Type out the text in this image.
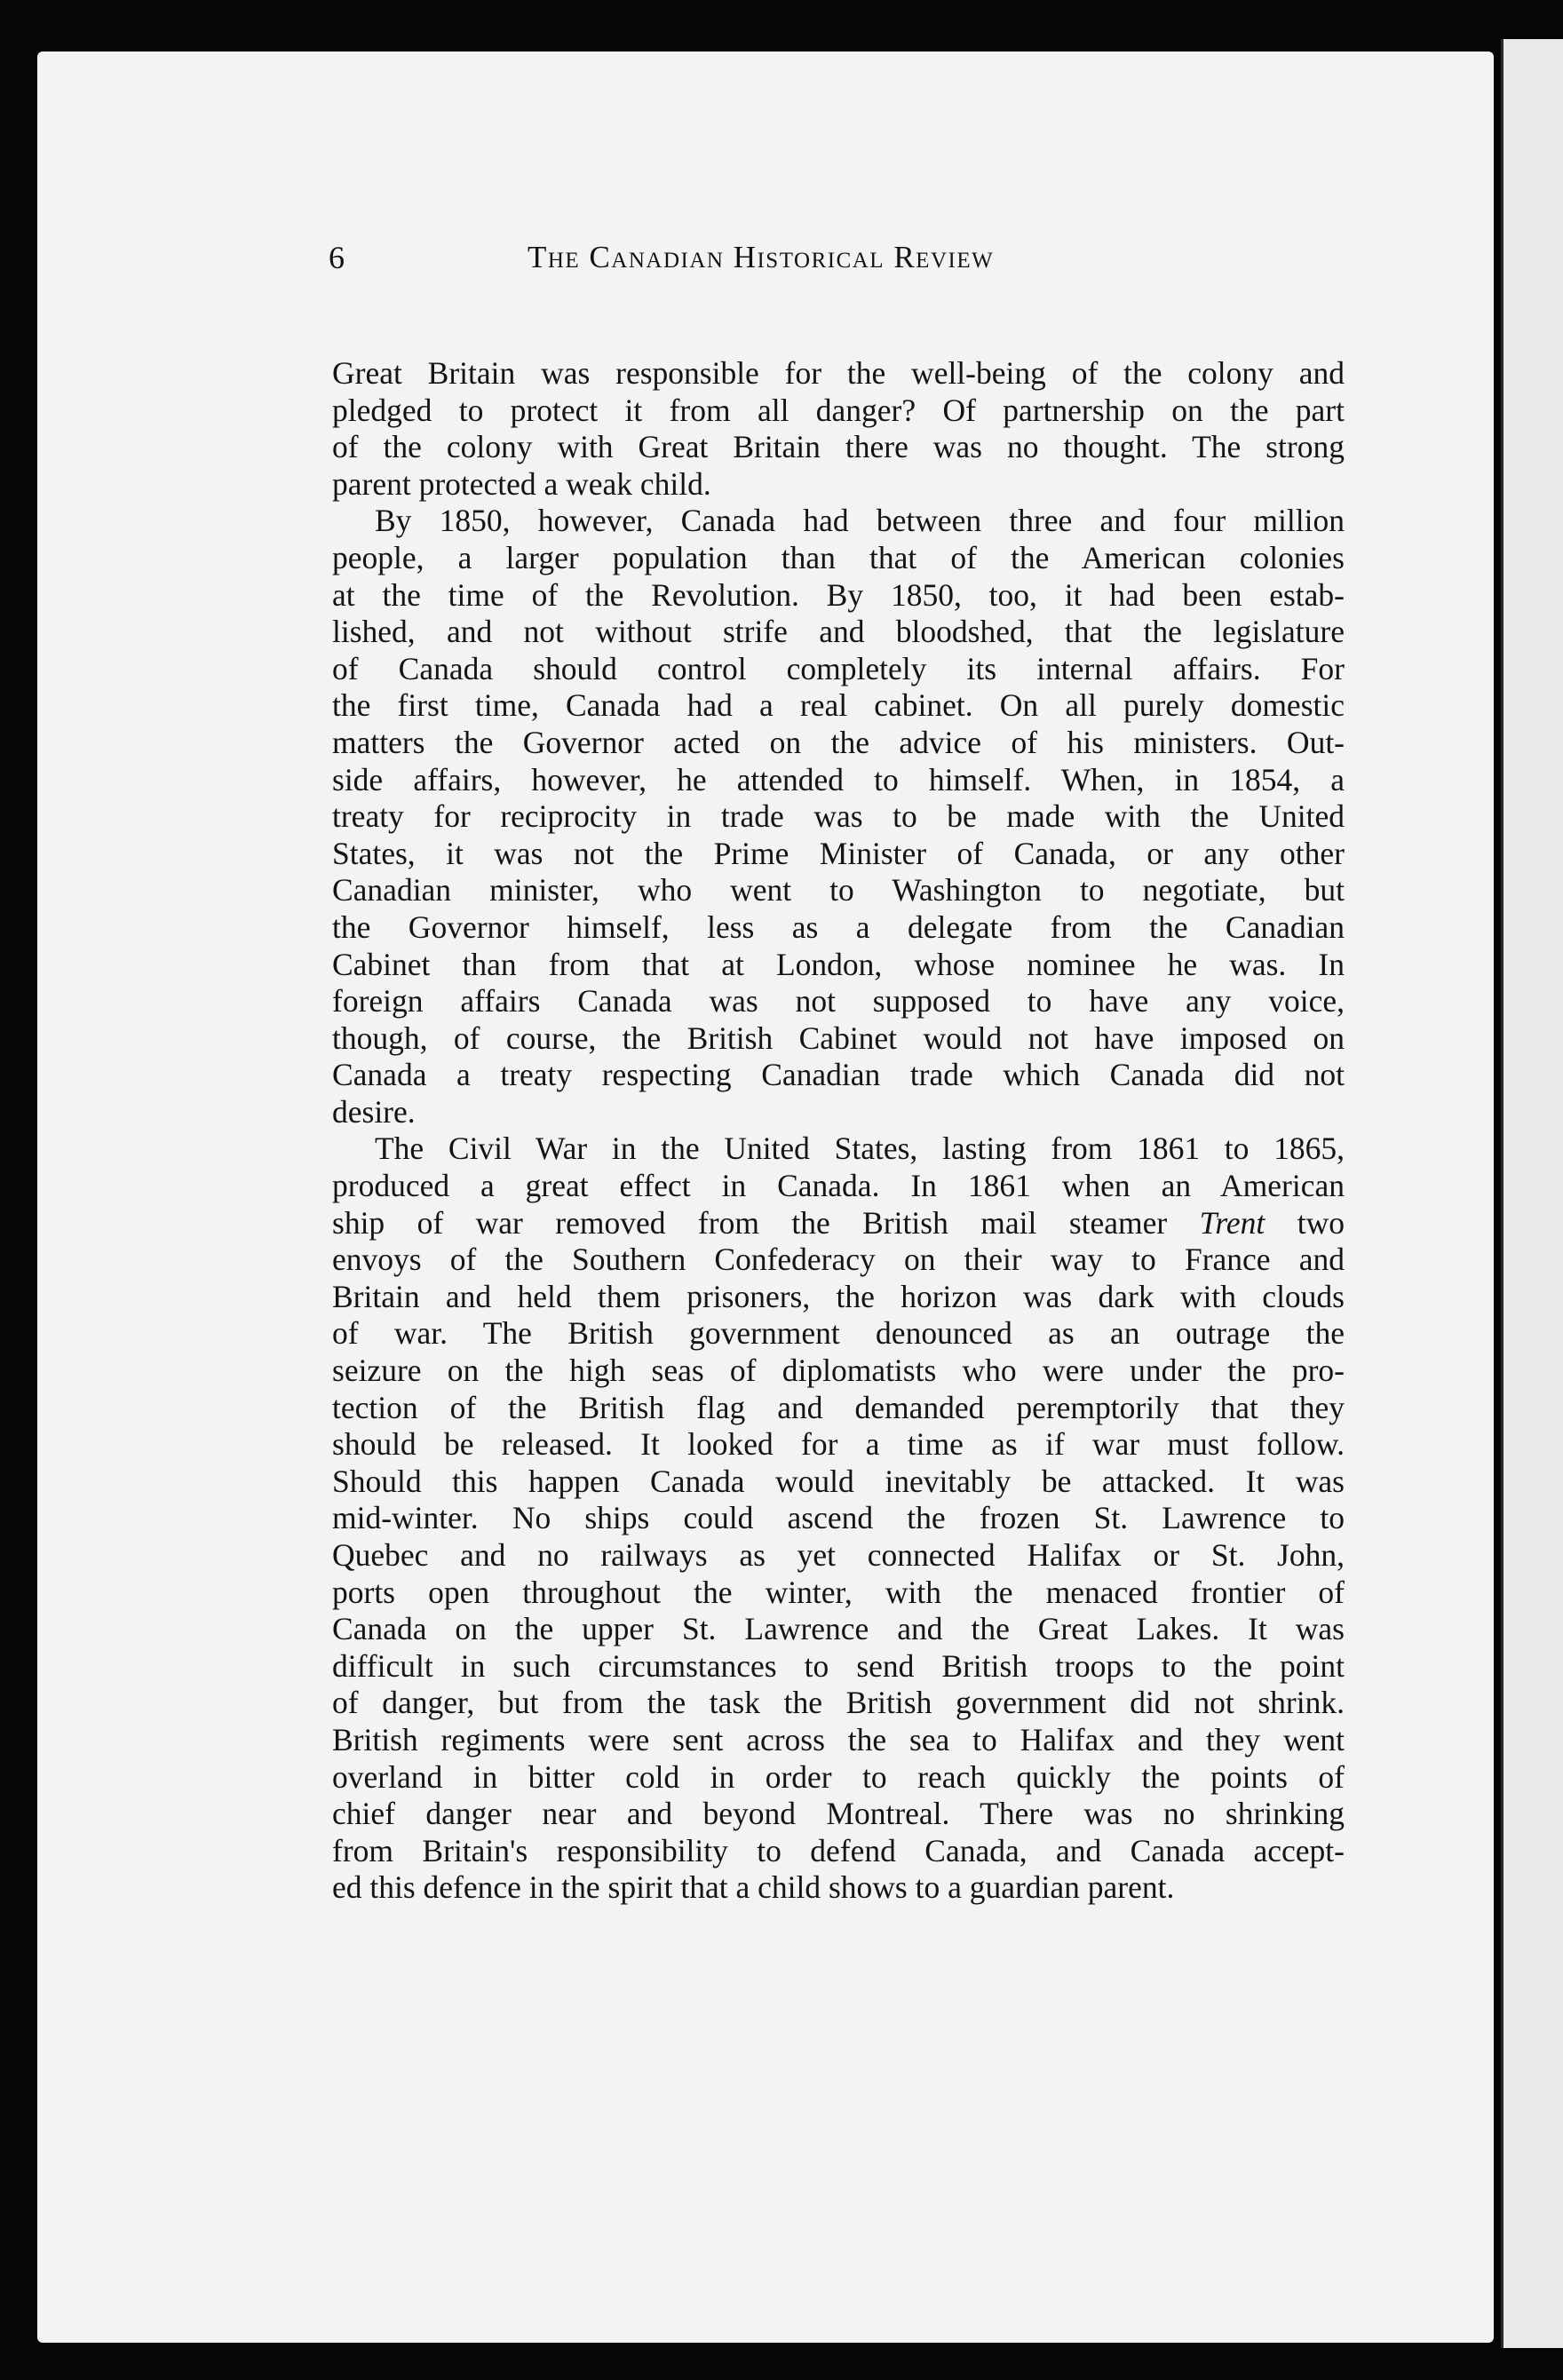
6	The Canadian Historical Review
Great Britain was responsible for the well-being of the colony and
pledged to protect it from all danger? Of partnership on the part
of the colony with Great Britain there was no thought. The strong
parent protected a weak child.
By 1850, however, Canada had between three and four million
people, a larger population than that of the American colonies
at the time of the Revolution. By 1850, too, it had been estab-
lished, and not without strife and bloodshed, that the legislature
of Canada should control completely its internal affairs. For
the first time, Canada had a real cabinet. On all purely domestic
matters the Governor acted on the advice of his ministers. Out-
side affairs, however, he attended to himself. When, in 1854, a
treaty for reciprocity in trade was to be made with the United
States, it was not the Prime Minister of Canada, or any other
Canadian minister, who went to Washington to negotiate, but
the Governor himself, less as a delegate from the Canadian
Cabinet than from that at London, whose nominee he was. In
foreign affairs Canada was not supposed to have any voice,
though, of course, the British Cabinet would not have imposed on
Canada a treaty respecting Canadian trade which Canada did not
desire.
The Civil War in the United States, lasting from 1861 to 1865,
produced a great effect in Canada. In 1861 when an American
ship of war removed from the British mail steamer Trent two
envoys of the Southern Confederacy on their way to France and
Britain and held them prisoners, the horizon was dark with clouds
of war. The British government denounced as an outrage the
seizure on the high seas of diplomatists who were under the pro-
tection of the British flag and demanded peremptorily that they
should be released. It looked for a time as if war must follow.
Should this happen Canada would inevitably be attacked. It was
mid-winter. No ships could ascend the frozen St. Lawrence to
Quebec and no railways as yet connected Halifax or St. John,
ports open throughout the winter, with the menaced frontier of
Canada on the upper St. Lawrence and the Great Lakes. It was
difficult in such circumstances to send British troops to the point
of danger, but from the task the British government did not shrink.
British regiments were sent across the sea to Halifax and they went
overland in bitter cold in order to reach quickly the points of
chief danger near and beyond Montreal. There was no shrinking
from Britain's responsibility to defend Canada, and Canada accept-
ed this defence in the spirit that a child shows to a guardian parent.
